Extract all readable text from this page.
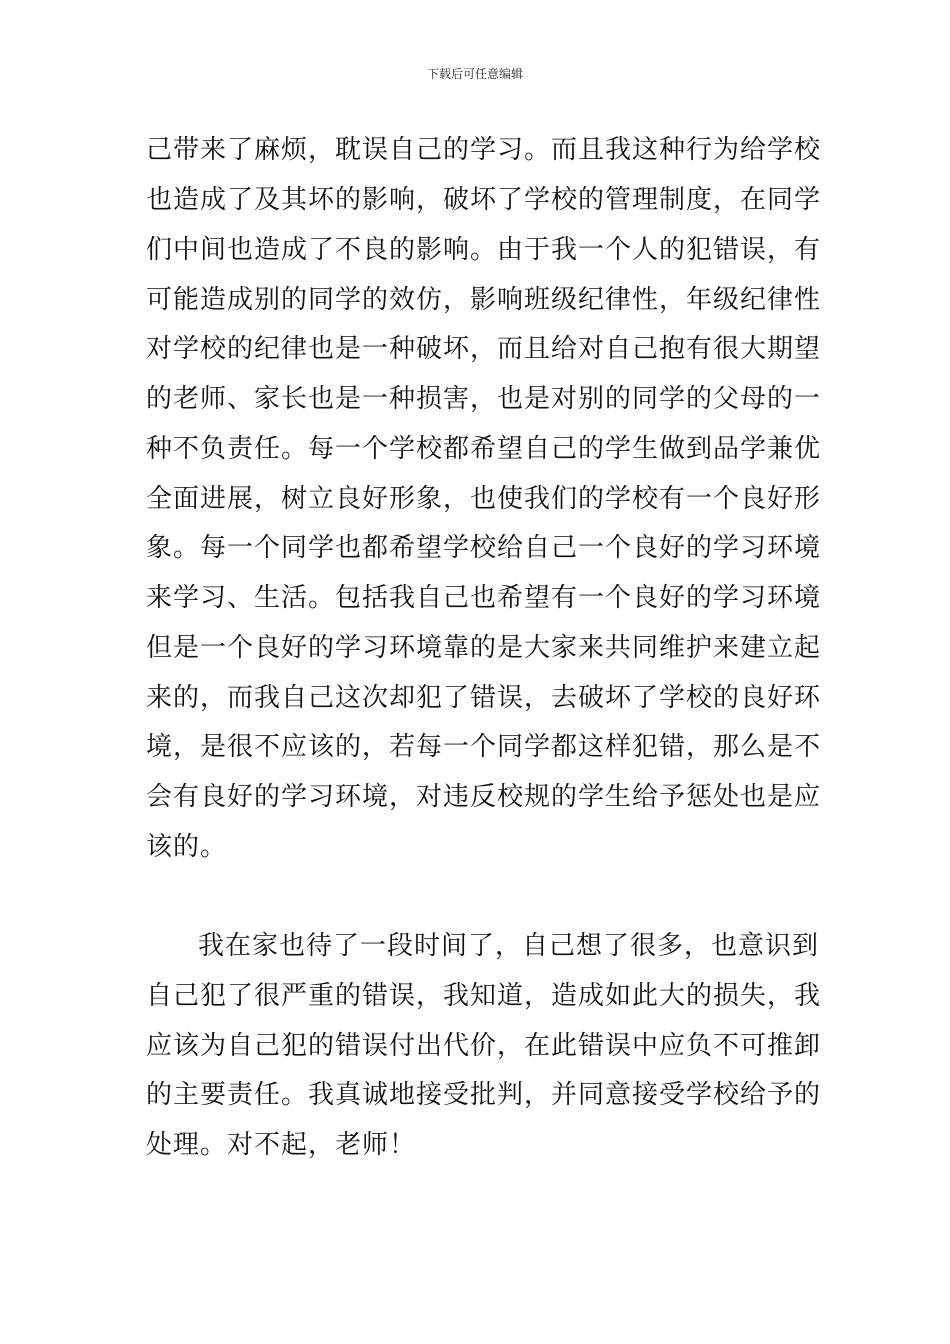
下载后可任意编辑
己带来了麻烦，耽误自己的学习。而且我这种行为给学校
也造成了及其坏的影响，破坏了学校的管理制度，在同学
们中间也造成了不良的影响。由于我一个人的犯错误，有
可能造成别的同学的效仿，影响班级纪律性，年级纪律性
对学校的纪律也是一种破坏，而且给对自己抱有很大期望
的老师、家长也是一种损害，也是对别的同学的父母的一
种不负责任。每一个学校都希望自己的学生做到品学兼优
全面进展，树立良好形象，也使我们的学校有一个良好形
象。每一个同学也都希望学校给自己一个良好的学习环境
来学习、生活。包括我自己也希望有一个良好的学习环境
但是一个良好的学习环境靠的是大家来共同维护来建立起
来的，而我自己这次却犯了错误，去破坏了学校的良好环
境，是很不应该的，若每一个同学都这样犯错，那么是不
会有良好的学习环境，对违反校规的学生给予惩处也是应
该的。
我在家也待了一段时间了，自己想了很多，也意识到
自己犯了很严重的错误，我知道，造成如此大的损失，我
应该为自己犯的错误付出代价，在此错误中应负不可推卸
的主要责任。我真诚地接受批判，并同意接受学校给予的
处理。对不起，老师！
